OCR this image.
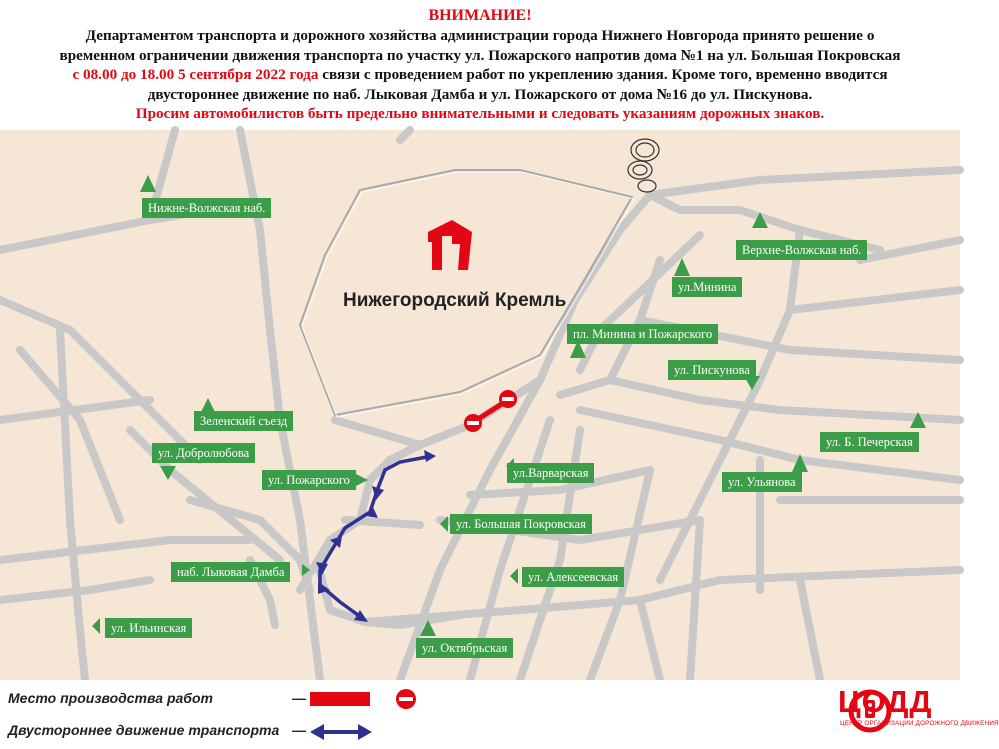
ВНИМАНИЕ!
Департаментом транспорта и дорожного хозяйства администрации города Нижнего Новгорода принято решение о
временном ограничении движения транспорта по участку ул. Пожарского напротив дома №1 на ул. Большая Покровская
с 08.00 до 18.00 5 сентября 2022 года связи с проведением работ по укреплению здания. Кроме того, временно вводится
двустороннее движение по наб. Лыковая Дамба и ул. Пожарского от дома №16 до ул. Пискунова.
Просим автомобилистов быть предельно внимательными и следовать указаниям дорожных знаков.
Нижегородский Кремль
Нижне-Волжская наб.
Верхне-Волжская наб.
ул.Минина
пл. Минина и Пожарского
ул. Пискунова
ул. Б. Печерская
Зеленский съезд
ул. Добролюбова
ул. Пожарского	ул.Варварская
ул. Ульянова
ул. Большая Покровская
наб. Лыковая Дамба	ул. Алексеевская
ул. Ильинская
ул. Октябрьская
Место производства работ	—
Двустороннее движение транспорта —
ЦОДД
ЦЕНТР ОРГАНИЗАЦИИ ДОРОЖНОГО ДВИЖЕНИЯ
